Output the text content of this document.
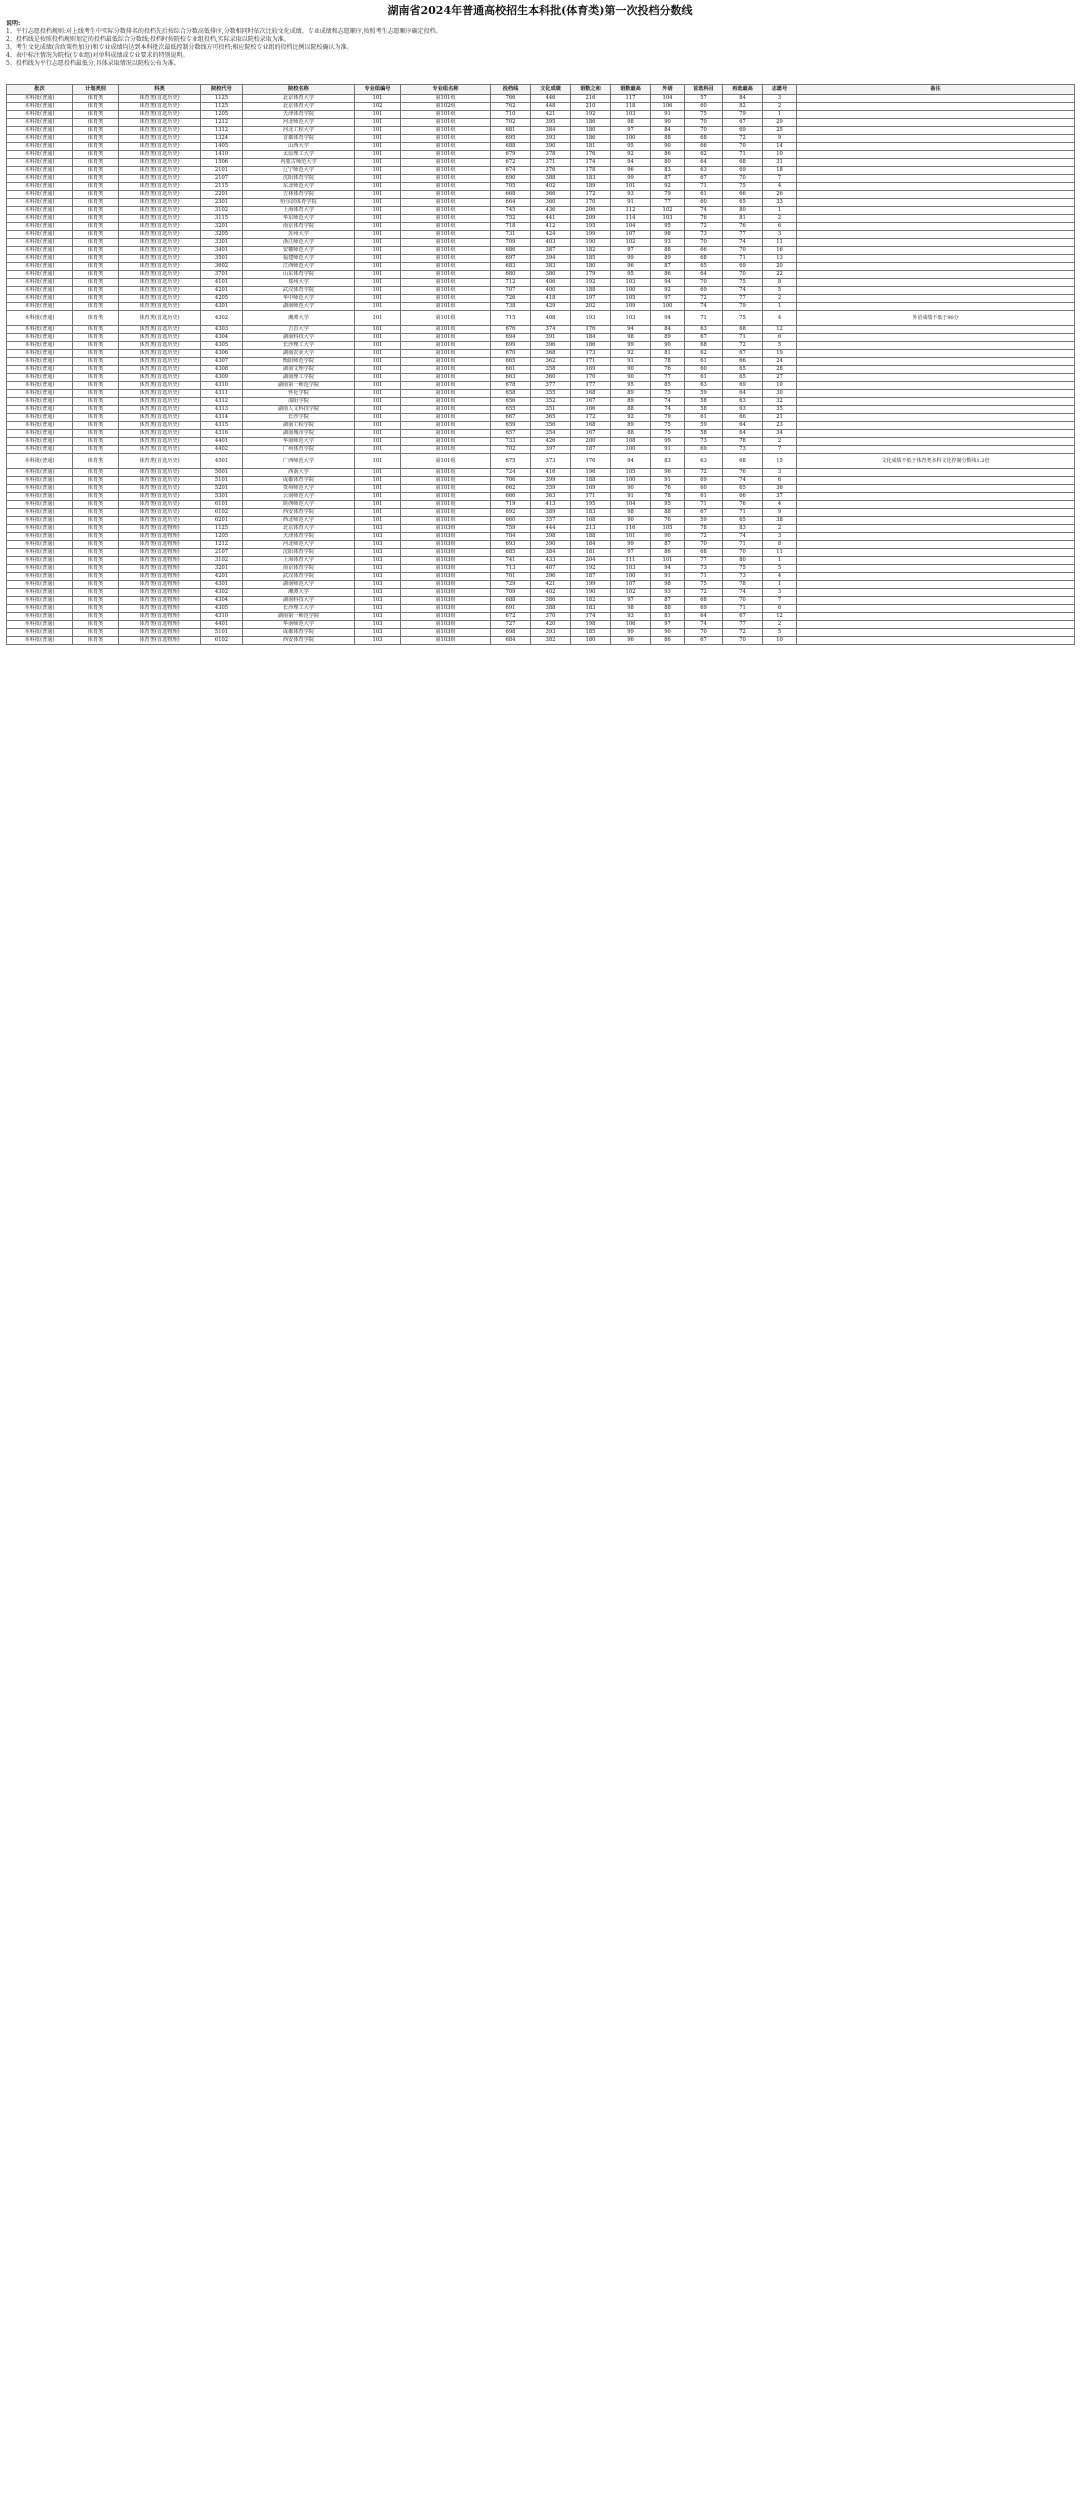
湖南省2024年普通高校招生本科批(体育类)第一次投档分数线

说明:

1、平行志愿投档规则:对上线考生中实际分数排名的投档先后按综合分数高低排序,分数相同时依次比较文化成绩、专业成绩和志愿顺序,按照考生志愿顺序确定投档。

2、投档线是按照投档规则划定的投档最低综合分数线;投档时按院校专业组投档,实际录取以院校录取为准。

3、考生文化成绩(含政策性加分)和专业成绩均达到本科批次最低控制分数线方可投档;相应院校专业组的投档比例以院校确认为准。

4、表中标注情况为院校(专业组)对单科成绩或专业要求的特别说明。

5、投档线为平行志愿投档最低分,具体录取情况以院校公布为准。

批次	计划类别	科类	院校代号	院校名称	专业组编号	专业组名称	投档线	文化成绩	语数之和	语数最高	外语	首选科目	再选最高	志愿号	备注
本科批(普通)	体育类	体育类(首选历史)	1125	北京体育大学	101	第101组	766	446	216	117	104	57	84	3	
本科批(普通)	体育类	体育类(首选历史)	1125	北京体育大学	102	第102组	762	448	210	118	106	60	82	2	
本科批(普通)	体育类	体育类(首选历史)	1205	天津体育学院	101	第101组	710	421	192	103	91	75	79	1	
本科批(普通)	体育类	体育类(首选历史)	1212	河北师范大学	101	第101组	702	395	186	98	90	70	67	29	
本科批(普通)	体育类	体育类(首选历史)	1312	河北工程大学	101	第101组	681	384	180	97	84	70	69	25	
本科批(普通)	体育类	体育类(首选历史)	1324	首都体育学院	101	第101组	695	393	186	100	88	68	72	9	
本科批(普通)	体育类	体育类(首选历史)	1405	山西大学	101	第101组	688	390	181	95	90	66	70	14	
本科批(普通)	体育类	体育类(首选历史)	1410	太原理工大学	101	第101组	679	378	176	92	86	62	71	10	
本科批(普通)	体育类	体育类(首选历史)	1506	内蒙古师范大学	101	第101组	672	371	174	94	80	64	68	31	
本科批(普通)	体育类	体育类(首选历史)	2101	辽宁师范大学	101	第101组	674	376	178	96	83	63	69	18	
本科批(普通)	体育类	体育类(首选历史)	2107	沈阳体育学院	101	第101组	690	388	183	99	87	67	70	7	
本科批(普通)	体育类	体育类(首选历史)	2115	东北师范大学	101	第101组	705	402	189	101	92	71	75	4	
本科批(普通)	体育类	体育类(首选历史)	2201	吉林体育学院	101	第101组	668	366	172	93	79	61	66	26	
本科批(普通)	体育类	体育类(首选历史)	2301	哈尔滨体育学院	101	第101组	664	360	170	91	77	60	65	33	
本科批(普通)	体育类	体育类(首选历史)	3102	上海体育大学	101	第101组	745	436	206	112	102	74	80	1	
本科批(普通)	体育类	体育类(首选历史)	3115	华东师范大学	101	第101组	752	441	209	114	103	76	81	2	
本科批(普通)	体育类	体育类(首选历史)	3201	南京体育学院	101	第101组	718	412	195	104	95	72	76	6	
本科批(普通)	体育类	体育类(首选历史)	3205	苏州大学	101	第101组	731	424	199	107	98	73	77	3	
本科批(普通)	体育类	体育类(首选历史)	3301	浙江师范大学	101	第101组	709	403	190	102	93	70	74	11	
本科批(普通)	体育类	体育类(首选历史)	3401	安徽师范大学	101	第101组	686	387	182	97	88	66	70	16	
本科批(普通)	体育类	体育类(首选历史)	3501	福建师范大学	101	第101组	697	394	185	99	89	68	71	13	
本科批(普通)	体育类	体育类(首选历史)	3602	江西师范大学	101	第101组	683	383	180	96	87	65	69	20	
本科批(普通)	体育类	体育类(首选历史)	3701	山东体育学院	101	第101组	680	380	179	95	86	64	70	22	
本科批(普通)	体育类	体育类(首选历史)	4101	郑州大学	101	第101组	712	406	192	103	94	70	75	8	
本科批(普通)	体育类	体育类(首选历史)	4201	武汉体育学院	101	第101组	707	400	188	100	92	69	74	5	
本科批(普通)	体育类	体育类(首选历史)	4205	华中师范大学	101	第101组	726	418	197	105	97	72	77	2	
本科批(普通)	体育类	体育类(首选历史)	4301	湖南师范大学	101	第101组	738	429	202	109	100	74	79	1	
本科批(普通)	体育类	体育类(首选历史)	4302	湘潭大学	101	第101组	715	408	193	103	94	71	75	4	外语成绩不低于90分
本科批(普通)	体育类	体育类(首选历史)	4303	吉首大学	101	第101组	676	374	176	94	84	63	68	12	
本科批(普通)	体育类	体育类(首选历史)	4304	湖南科技大学	101	第101组	694	391	184	98	89	67	71	6	
本科批(普通)	体育类	体育类(首选历史)	4305	长沙理工大学	101	第101组	699	396	186	99	90	68	72	5	
本科批(普通)	体育类	体育类(首选历史)	4306	湖南农业大学	101	第101组	670	368	173	92	81	62	67	19	
本科批(普通)	体育类	体育类(首选历史)	4307	衡阳师范学院	101	第101组	665	362	171	91	78	61	66	24	
本科批(普通)	体育类	体育类(首选历史)	4308	湖南文理学院	101	第101组	661	358	169	90	76	60	65	28	
本科批(普通)	体育类	体育类(首选历史)	4309	湖南理工学院	101	第101组	663	360	170	90	77	61	65	27	
本科批(普通)	体育类	体育类(首选历史)	4310	湖南第一师范学院	101	第101组	678	377	177	95	85	63	69	10	
本科批(普通)	体育类	体育类(首选历史)	4311	怀化学院	101	第101组	658	355	168	89	75	59	64	30	
本科批(普通)	体育类	体育类(首选历史)	4312	邵阳学院	101	第101组	656	352	167	89	74	58	63	32	
本科批(普通)	体育类	体育类(首选历史)	4313	湖南人文科技学院	101	第101组	655	351	166	88	74	58	63	35	
本科批(普通)	体育类	体育类(首选历史)	4314	长沙学院	101	第101组	667	365	172	92	79	61	66	21	
本科批(普通)	体育类	体育类(首选历史)	4315	湖南工程学院	101	第101组	659	356	168	89	75	59	64	23	
本科批(普通)	体育类	体育类(首选历史)	4316	湖南城市学院	101	第101组	657	354	167	88	75	58	64	34	
本科批(普通)	体育类	体育类(首选历史)	4401	华南师范大学	101	第101组	733	426	200	108	99	73	78	2	
本科批(普通)	体育类	体育类(首选历史)	4402	广州体育学院	101	第101组	702	397	187	100	91	69	73	7	
本科批(普通)	体育类	体育类(首选历史)	4501	广西师范大学	101	第101组	675	373	176	94	83	63	68	15	文化成绩不低于体育类本科文化控制分数线1.2倍
本科批(普通)	体育类	体育类(首选历史)	5001	西南大学	101	第101组	724	416	196	105	96	72	76	3	
本科批(普通)	体育类	体育类(首选历史)	5101	成都体育学院	101	第101组	706	399	188	100	91	69	74	6	
本科批(普通)	体育类	体育类(首选历史)	5201	贵州师范大学	101	第101组	662	359	169	90	76	60	65	36	
本科批(普通)	体育类	体育类(首选历史)	5301	云南师范大学	101	第101组	666	363	171	91	78	61	66	37	
本科批(普通)	体育类	体育类(首选历史)	6101	陕西师范大学	101	第101组	719	413	195	104	95	71	76	4	
本科批(普通)	体育类	体育类(首选历史)	6102	西安体育学院	101	第101组	692	389	183	98	88	67	71	9	
本科批(普通)	体育类	体育类(首选历史)	6201	西北师范大学	101	第101组	660	357	168	90	76	59	65	38	
本科批(普通)	体育类	体育类(首选物理)	1125	北京体育大学	103	第103组	759	444	213	116	105	78	83	2	
本科批(普通)	体育类	体育类(首选物理)	1205	天津体育学院	103	第103组	704	398	188	101	90	72	74	3	
本科批(普通)	体育类	体育类(首选物理)	1212	河北师范大学	103	第103组	693	390	184	99	87	70	71	8	
本科批(普通)	体育类	体育类(首选物理)	2107	沈阳体育学院	103	第103组	685	384	181	97	86	68	70	11	
本科批(普通)	体育类	体育类(首选物理)	3102	上海体育大学	103	第103组	741	433	204	111	101	77	80	1	
本科批(普通)	体育类	体育类(首选物理)	3201	南京体育学院	103	第103组	713	407	192	103	94	73	75	5	
本科批(普通)	体育类	体育类(首选物理)	4201	武汉体育学院	103	第103组	701	396	187	100	91	71	73	4	
本科批(普通)	体育类	体育类(首选物理)	4301	湖南师范大学	103	第103组	729	421	199	107	98	75	78	1	
本科批(普通)	体育类	体育类(首选物理)	4302	湘潭大学	103	第103组	709	402	190	102	93	72	74	3	
本科批(普通)	体育类	体育类(首选物理)	4304	湖南科技大学	103	第103组	688	386	182	97	87	68	70	7	
本科批(普通)	体育类	体育类(首选物理)	4305	长沙理工大学	103	第103组	691	388	183	98	88	69	71	6	
本科批(普通)	体育类	体育类(首选物理)	4310	湖南第一师范学院	103	第103组	672	370	174	93	81	64	67	12	
本科批(普通)	体育类	体育类(首选物理)	4401	华南师范大学	103	第103组	727	420	198	106	97	74	77	2	
本科批(普通)	体育类	体育类(首选物理)	5101	成都体育学院	103	第103组	698	393	185	99	90	70	72	5	
本科批(普通)	体育类	体育类(首选物理)	6102	西安体育学院	103	第103组	684	382	180	96	86	67	70	10	
